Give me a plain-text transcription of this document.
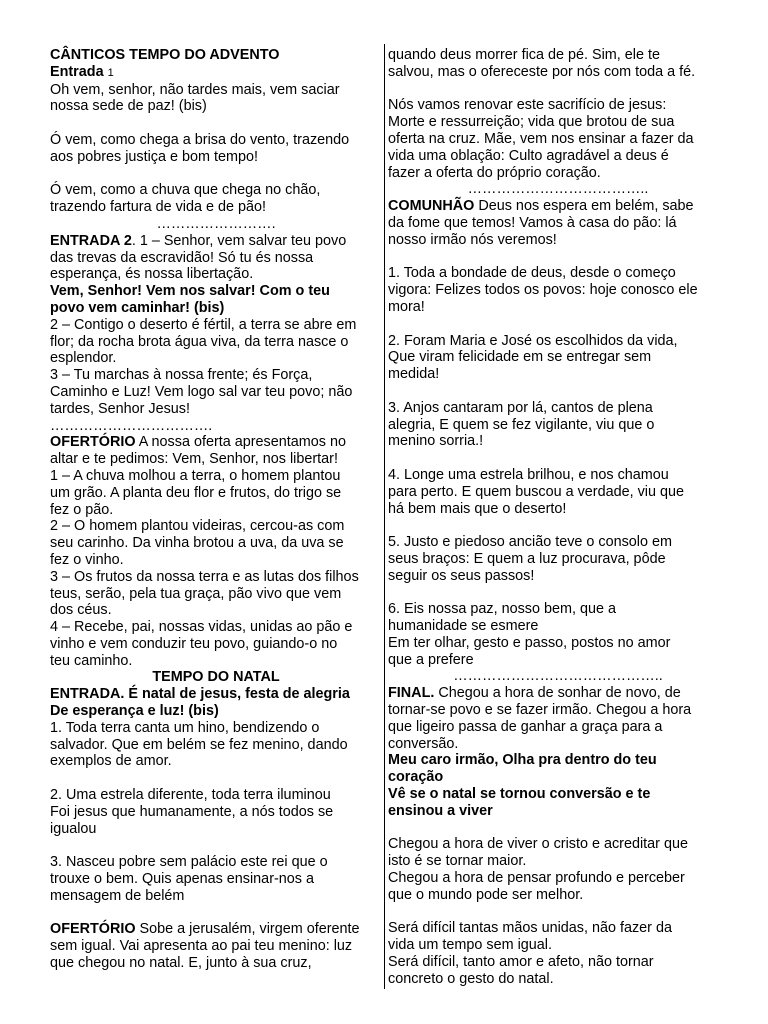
CÂNTICOS TEMPO DO ADVENTO

Entrada 1

Oh vem, senhor, não tardes mais, vem saciar

nossa sede de paz! (bis)

Ó vem, como chega a brisa do vento, trazendo

aos pobres justiça e bom tempo!

Ó vem, como a chuva que chega no chão,

trazendo fartura de vida e de pão!

…………………….

ENTRADA 2. 1 – Senhor, vem salvar teu povo

das trevas da escravidão! Só tu és nossa

esperança, és nossa libertação.

Vem, Senhor! Vem nos salvar! Com o teu

povo vem caminhar! (bis)

2 – Contigo o deserto é fértil, a terra se abre em

flor; da rocha brota água viva, da terra nasce o

esplendor.

3 – Tu marchas à nossa frente; és Força,

Caminho e Luz! Vem logo sal var teu povo; não

tardes, Senhor Jesus!

…………………………….

OFERTÓRIO A nossa oferta apresentamos no

altar e te pedimos: Vem, Senhor, nos libertar!

1 – A chuva molhou a terra, o homem plantou

um grão. A planta deu flor e frutos, do trigo se

fez o pão.

2 – O homem plantou videiras, cercou-as com

seu carinho. Da vinha brotou a uva, da uva se

fez o vinho.

3 – Os frutos da nossa terra e as lutas dos filhos

teus, serão, pela tua graça, pão vivo que vem

dos céus.

4 – Recebe, pai, nossas vidas, unidas ao pão e

vinho e vem conduzir teu povo, guiando-o no

teu caminho.

TEMPO DO NATAL

ENTRADA. É natal de jesus, festa de alegria

De esperança e luz! (bis)

1. Toda terra canta um hino, bendizendo o

salvador. Que em belém se fez menino, dando

exemplos de amor.

2. Uma estrela diferente, toda terra iluminou

Foi jesus que humanamente, a nós todos se

igualou

3. Nasceu pobre sem palácio este rei que o

trouxe o bem. Quis apenas ensinar-nos a

mensagem de belém

OFERTÓRIO Sobe a jerusalém, virgem oferente

sem igual. Vai apresenta ao pai teu menino: luz

que chegou no natal. E, junto à sua cruz,

quando deus morrer fica de pé. Sim, ele te

salvou, mas o ofereceste por nós com toda a fé.

Nós vamos renovar este sacrifício de jesus:

Morte e ressurreição; vida que brotou de sua

oferta na cruz. Mãe, vem nos ensinar a fazer da

vida uma oblação: Culto agradável a deus é

fazer a oferta do próprio coração.

………………………………..

COMUNHÃO Deus nos espera em belém, sabe

da fome que temos! Vamos à casa do pão: lá

nosso irmão nós veremos!

1. Toda a bondade de deus, desde o começo

vigora: Felizes todos os povos: hoje conosco ele

mora!

2. Foram Maria e José os escolhidos da vida,

Que viram felicidade em se entregar sem

medida!

3. Anjos cantaram por lá, cantos de plena

alegria, E quem se fez vigilante, viu que o

menino sorria.!

4. Longe uma estrela brilhou, e nos chamou

para perto. E quem buscou a verdade, viu que

há bem mais que o deserto!

5. Justo e piedoso ancião teve o consolo em

seus braços: E quem a luz procurava, pôde

seguir os seus passos!

6. Eis nossa paz, nosso bem, que a

humanidade se esmere

Em ter olhar, gesto e passo, postos no amor

que a prefere

……………………………………..

FINAL. Chegou a hora de sonhar de novo, de

tornar-se povo e se fazer irmão. Chegou a hora

que ligeiro passa de ganhar a graça para a

conversão.

Meu caro irmão, Olha pra dentro do teu

coração

Vê se o natal se tornou conversão e te

ensinou a viver

Chegou a hora de viver o cristo e acreditar que

isto é se tornar maior.

Chegou a hora de pensar profundo e perceber

que o mundo pode ser melhor.

Será difícil tantas mãos unidas, não fazer da

vida um tempo sem igual.

Será difícil, tanto amor e afeto, não tornar

concreto o gesto do natal.
